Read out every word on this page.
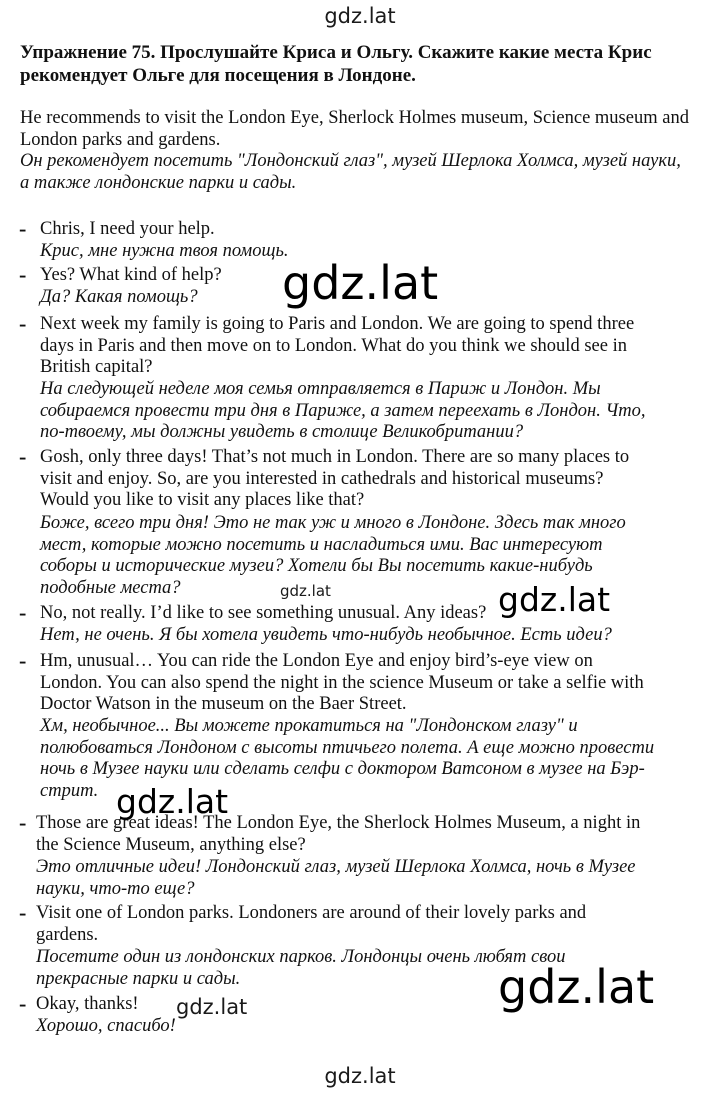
gdz.lat

Упражнение 75. Прослушайте Криса и Ольгу. Скажите какие места Крис рекомендует Ольге для посещения в Лондоне.

He recommends to visit the London Eye, Sherlock Holmes museum, Science museum and London parks and gardens.

Он рекомендует посетить "Лондонский глаз", музей Шерлока Холмса, музей науки, а также лондонские парки и сады.

- Chris, I need your help.

Крис, мне нужна твоя помощь.

- Yes? What kind of help?

Да? Какая помощь?

- Next week my family is going to Paris and London. We are going to spend three
days in Paris and then move on to London. What do you think we should see in
British capital?

На следующей неделе моя семья отправляется в Париж и Лондон. Мы
собираемся провести три дня в Париже, а затем переехать в Лондон. Что,
по-твоему, мы должны увидеть в столице Великобритании?

- Gosh, only three days! That’s not much in London. There are so many places to
visit and enjoy. So, are you interested in cathedrals and historical museums?
Would you like to visit any places like that?

Боже, всего три дня! Это не так уж и много в Лондоне. Здесь так много
мест, которые можно посетить и насладиться ими. Вас интересуют
соборы и исторические музеи? Хотели бы Вы посетить какие-нибудь
подобные места?

- No, not really. I’d like to see something unusual. Any ideas?

Нет, не очень. Я бы хотела увидеть что-нибудь необычное. Есть идеи?

- Hm, unusual… You can ride the London Eye and enjoy bird’s-eye view on
London. You can also spend the night in the science Museum or take a selfie with
Doctor Watson in the museum on the Baer Street.

Хм, необычное... Вы можете прокатиться на "Лондонском глазу" и
полюбоваться Лондоном с высоты птичьего полета. А еще можно провести
ночь в Музее науки или сделать селфи с доктором Ватсоном в музее на Бэр-
стрит.

- Those are great ideas! The London Eye, the Sherlock Holmes Museum, a night in
the Science Museum, anything else?

Это отличные идеи! Лондонский глаз, музей Шерлока Холмса, ночь в Музее
науки, что-то еще?

- Visit one of London parks. Londoners are around of their lovely parks and
gardens.

Посетите один из лондонских парков. Лондонцы очень любят свои
прекрасные парки и сады.

- Okay, thanks!

Хорошо, спасибо!

gdz.lat
gdz.lat	gdz.lat
gdz.lat
gdz.lat
gdz.lat
gdz.lat
